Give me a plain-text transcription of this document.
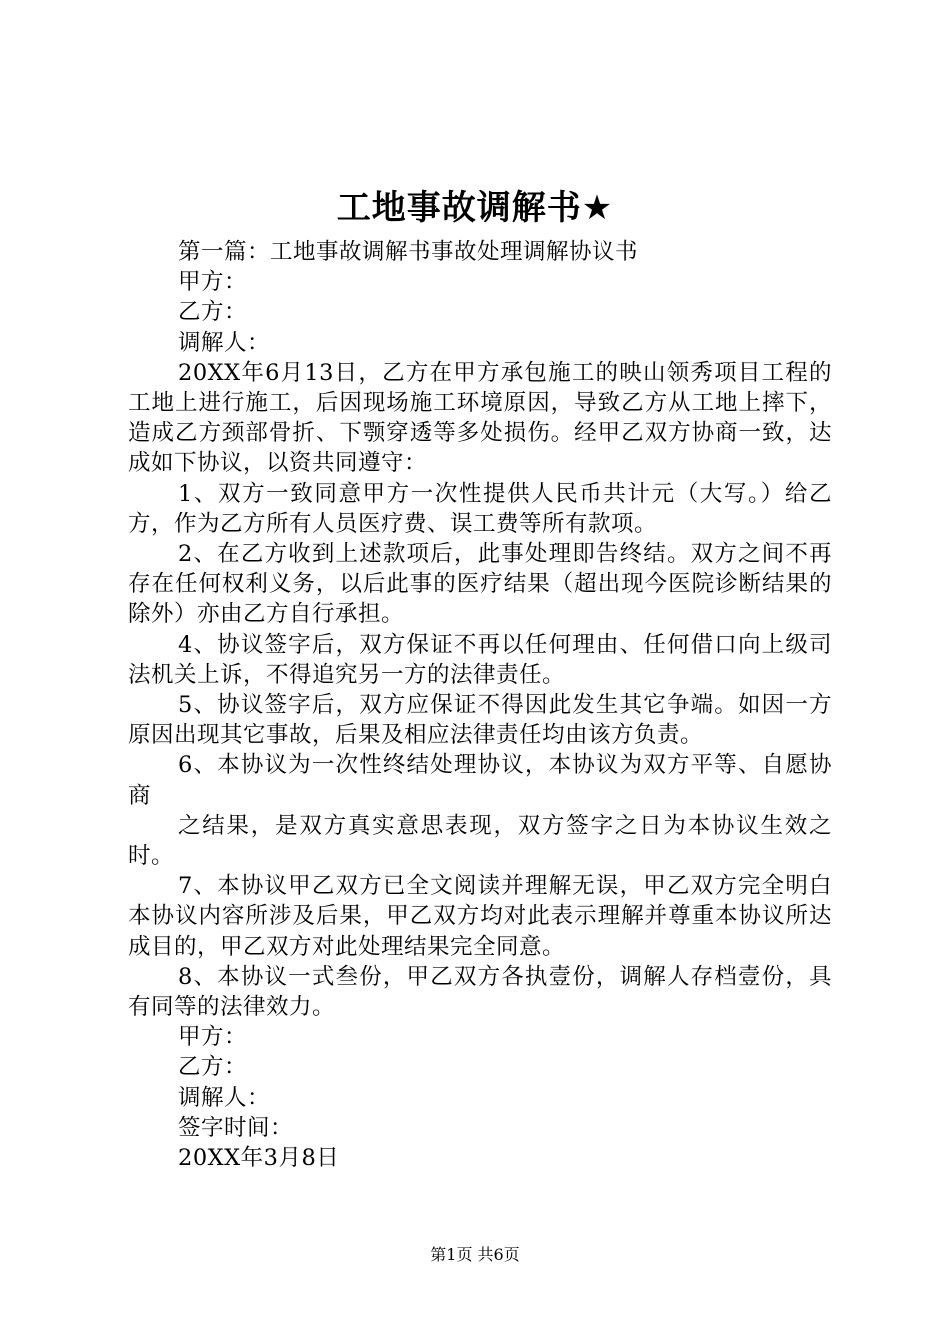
工地事故调解书★

第一篇：工地事故调解书事故处理调解协议书

甲方：

乙方：

调解人：

20XX年6月13日，乙方在甲方承包施工的映山领秀项目工程的工地上进行施工，后因现场施工环境原因，导致乙方从工地上摔下，造成乙方颈部骨折、下颚穿透等多处损伤。经甲乙双方协商一致，达成如下协议，以资共同遵守：

1、双方一致同意甲方一次性提供人民币共计元（大写。）给乙方，作为乙方所有人员医疗费、误工费等所有款项。

2、在乙方收到上述款项后，此事处理即告终结。双方之间不再存在任何权利义务，以后此事的医疗结果（超出现今医院诊断结果的除外）亦由乙方自行承担。

4、协议签字后，双方保证不再以任何理由、任何借口向上级司法机关上诉，不得追究另一方的法律责任。

5、协议签字后，双方应保证不得因此发生其它争端。如因一方原因出现其它事故，后果及相应法律责任均由该方负责。

6、本协议为一次性终结处理协议，本协议为双方平等、自愿协商

之结果，是双方真实意思表现，双方签字之日为本协议生效之时。

7、本协议甲乙双方已全文阅读并理解无误，甲乙双方完全明白本协议内容所涉及后果，甲乙双方均对此表示理解并尊重本协议所达成目的，甲乙双方对此处理结果完全同意。

8、本协议一式叁份，甲乙双方各执壹份，调解人存档壹份，具有同等的法律效力。

甲方：

乙方：

调解人：

签字时间：

20XX年3月8日

第1页 共6页
